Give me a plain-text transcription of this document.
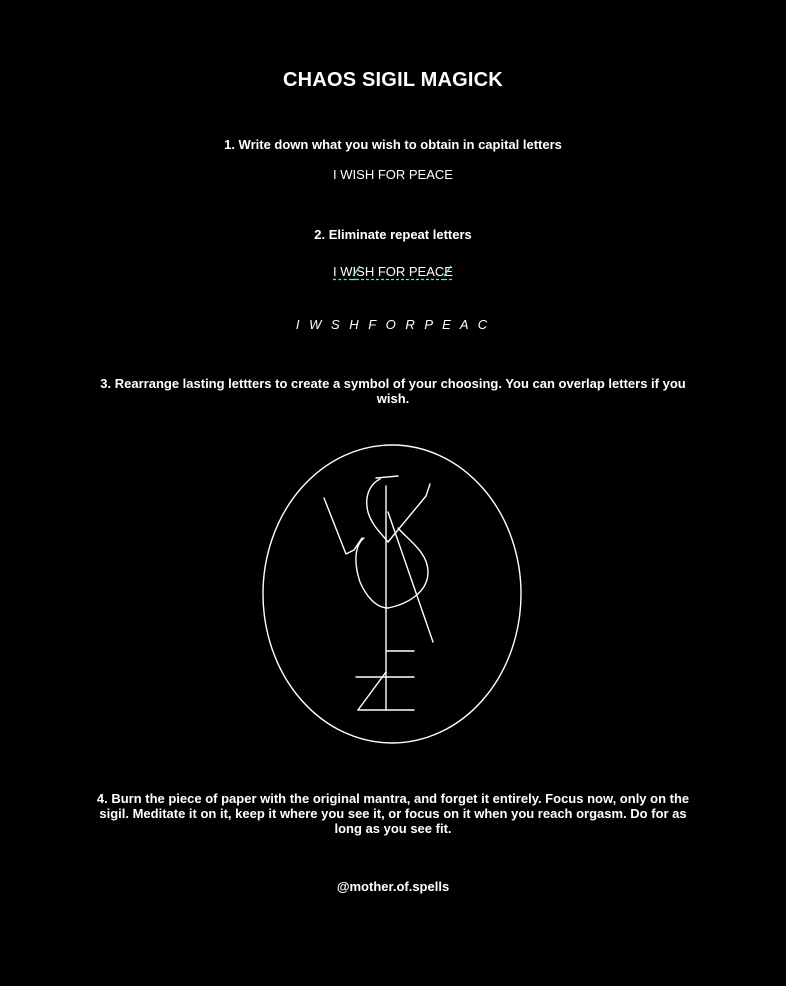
CHAOS SIGIL MAGICK
1. Write down what you wish to obtain in capital letters
I WISH FOR PEACE
2. Eliminate repeat letters
I WI
SH FOR PEACE
I W S H F O R P E A C
3. Rearrange lasting lettters to create a symbol of your choosing. You can overlap letters if you wish.
4. Burn the piece of paper with the original mantra, and forget it entirely. Focus now, only on the sigil. Meditate it on it, keep it where you see it, or focus on it when you reach orgasm. Do for as long as you see fit.
@mother.of.spells
